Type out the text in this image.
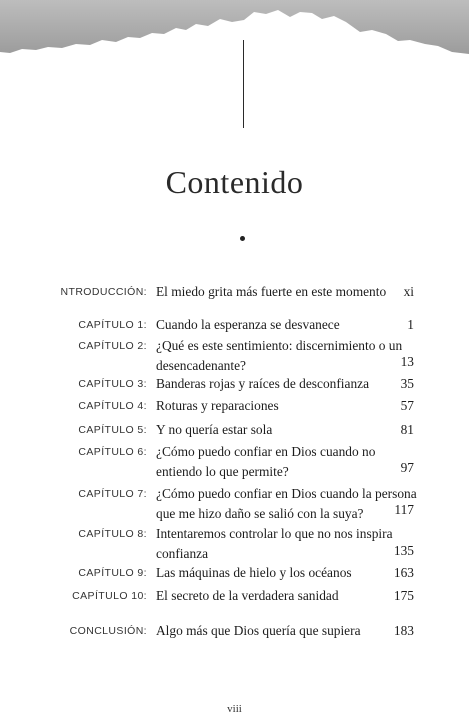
Contenido
NTRODUCCIÓN: El miedo grita más fuerte en este momento	xi
CAPÍTULO 1: Cuando la esperanza se desvanece	1
CAPÍTULO 2: ¿Qué es este sentimiento: discernimiento o un
desencadenante?	13
CAPÍTULO 3: Banderas rojas y raíces de desconfianza	35
CAPÍTULO 4: Roturas y reparaciones	57
CAPÍTULO 5: Y no quería estar sola	81
CAPÍTULO 6: ¿Cómo puedo confiar en Dios cuando no
entiendo lo que permite?	97
CAPÍTULO 7: ¿Cómo puedo confiar en Dios cuando la persona
que me hizo daño se salió con la suya?	117
CAPÍTULO 8: Intentaremos controlar lo que no nos inspira
confianza	135
CAPÍTULO 9: Las máquinas de hielo y los océanos	163
CAPÍTULO 10: El secreto de la verdadera sanidad	175
CONCLUSIÓN: Algo más que Dios quería que supiera	183
viii
